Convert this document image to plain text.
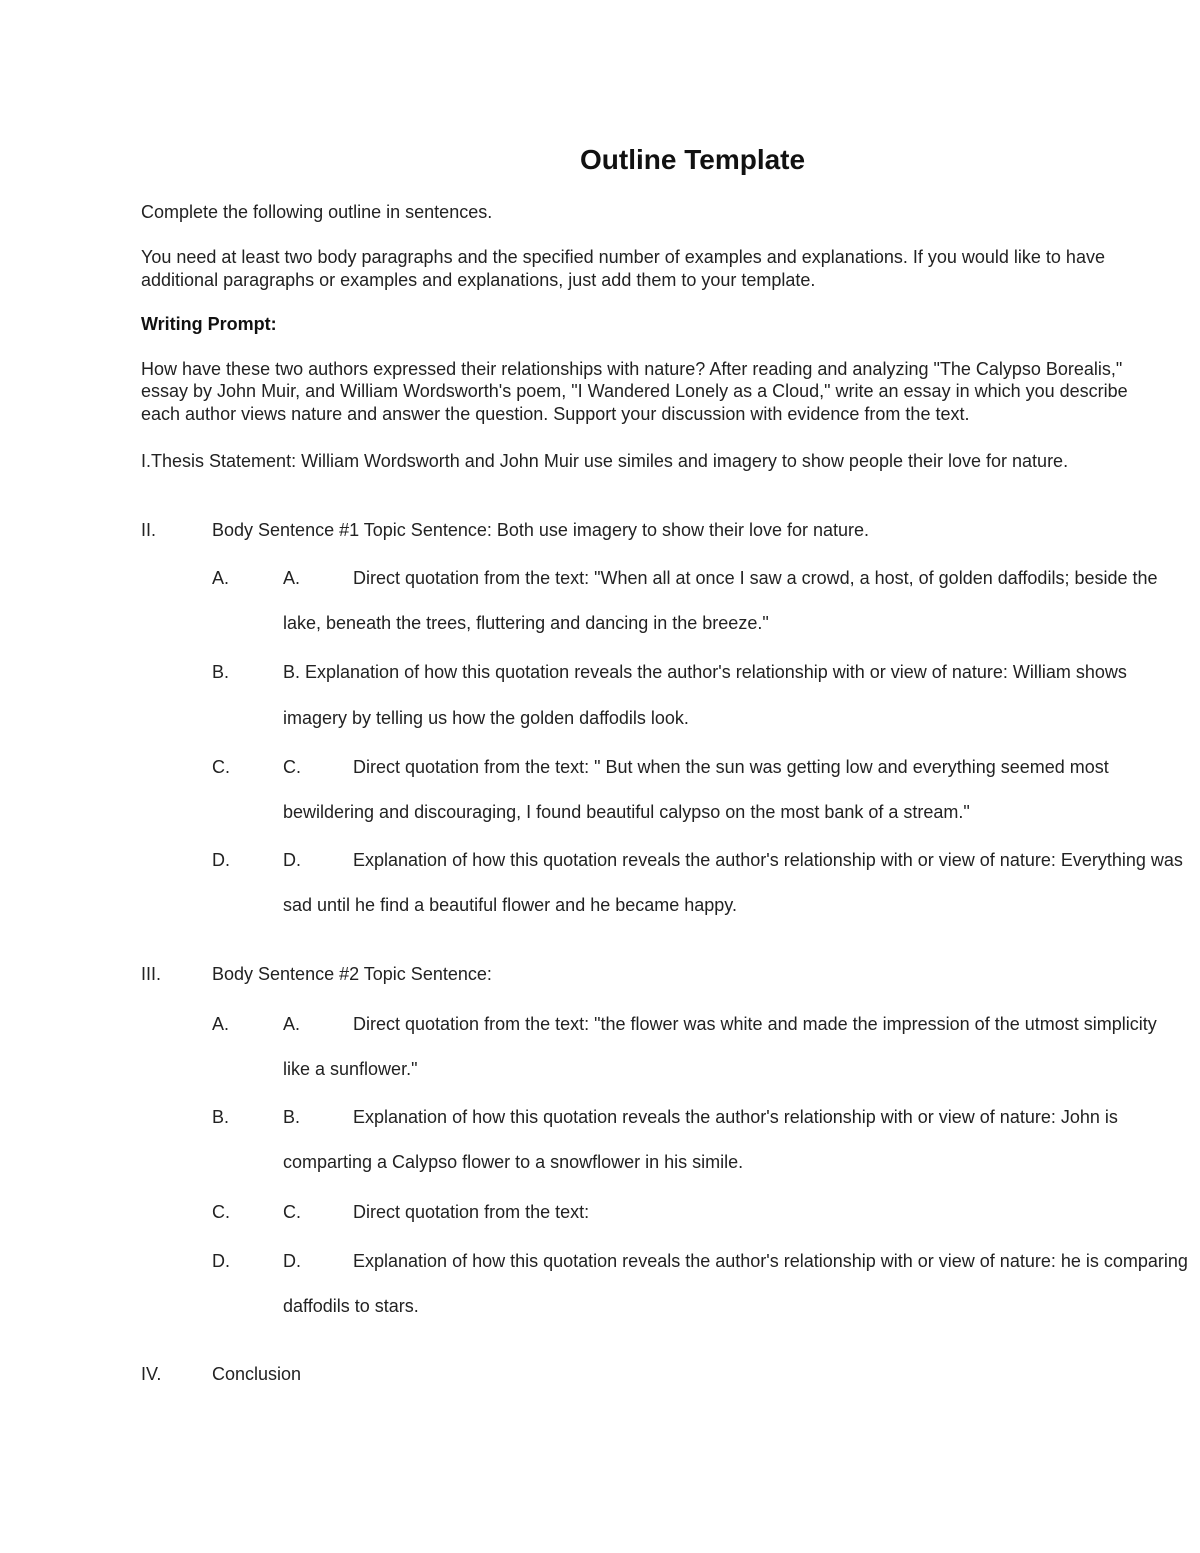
Outline Template

Complete the following outline in sentences.

You need at least two body paragraphs and the specified number of examples and explanations. If you would like to have

additional paragraphs or examples and explanations, just add them to your template.

Writing Prompt:

How have these two authors expressed their relationships with nature? After reading and analyzing "The Calypso Borealis,"

essay by John Muir, and William Wordsworth's poem, "I Wandered Lonely as a Cloud," write an essay in which you describe

each author views nature and answer the question. Support your discussion with evidence from the text.

I.Thesis Statement: William Wordsworth and John Muir use similes and imagery to show people their love for nature.

II.	Body Sentence #1 Topic Sentence: Both use imagery to show their love for nature.
A.	A.	Direct quotation from the text: "When all at once I saw a crowd, a host, of golden daffodils; beside the
lake, beneath the trees, fluttering and dancing in the breeze."
B.	B. Explanation of how this quotation reveals the author's relationship with or view of nature: William shows
imagery by telling us how the golden daffodils look.
C.	C.	Direct quotation from the text: " But when the sun was getting low and everything seemed most
bewildering and discouraging, I found beautiful calypso on the most bank of a stream."
D.	D.	Explanation of how this quotation reveals the author's relationship with or view of nature: Everything was
sad until he find a beautiful flower and he became happy.
III.	Body Sentence #2 Topic Sentence:
A.	A.	Direct quotation from the text: "the flower was white and made the impression of the utmost simplicity
like a sunflower."
B.	B.	Explanation of how this quotation reveals the author's relationship with or view of nature: John is
comparting a Calypso flower to a snowflower in his simile.
C.	C.	Direct quotation from the text:
D.	D.	Explanation of how this quotation reveals the author's relationship with or view of nature: he is comparing
daffodils to stars.
IV.	Conclusion
